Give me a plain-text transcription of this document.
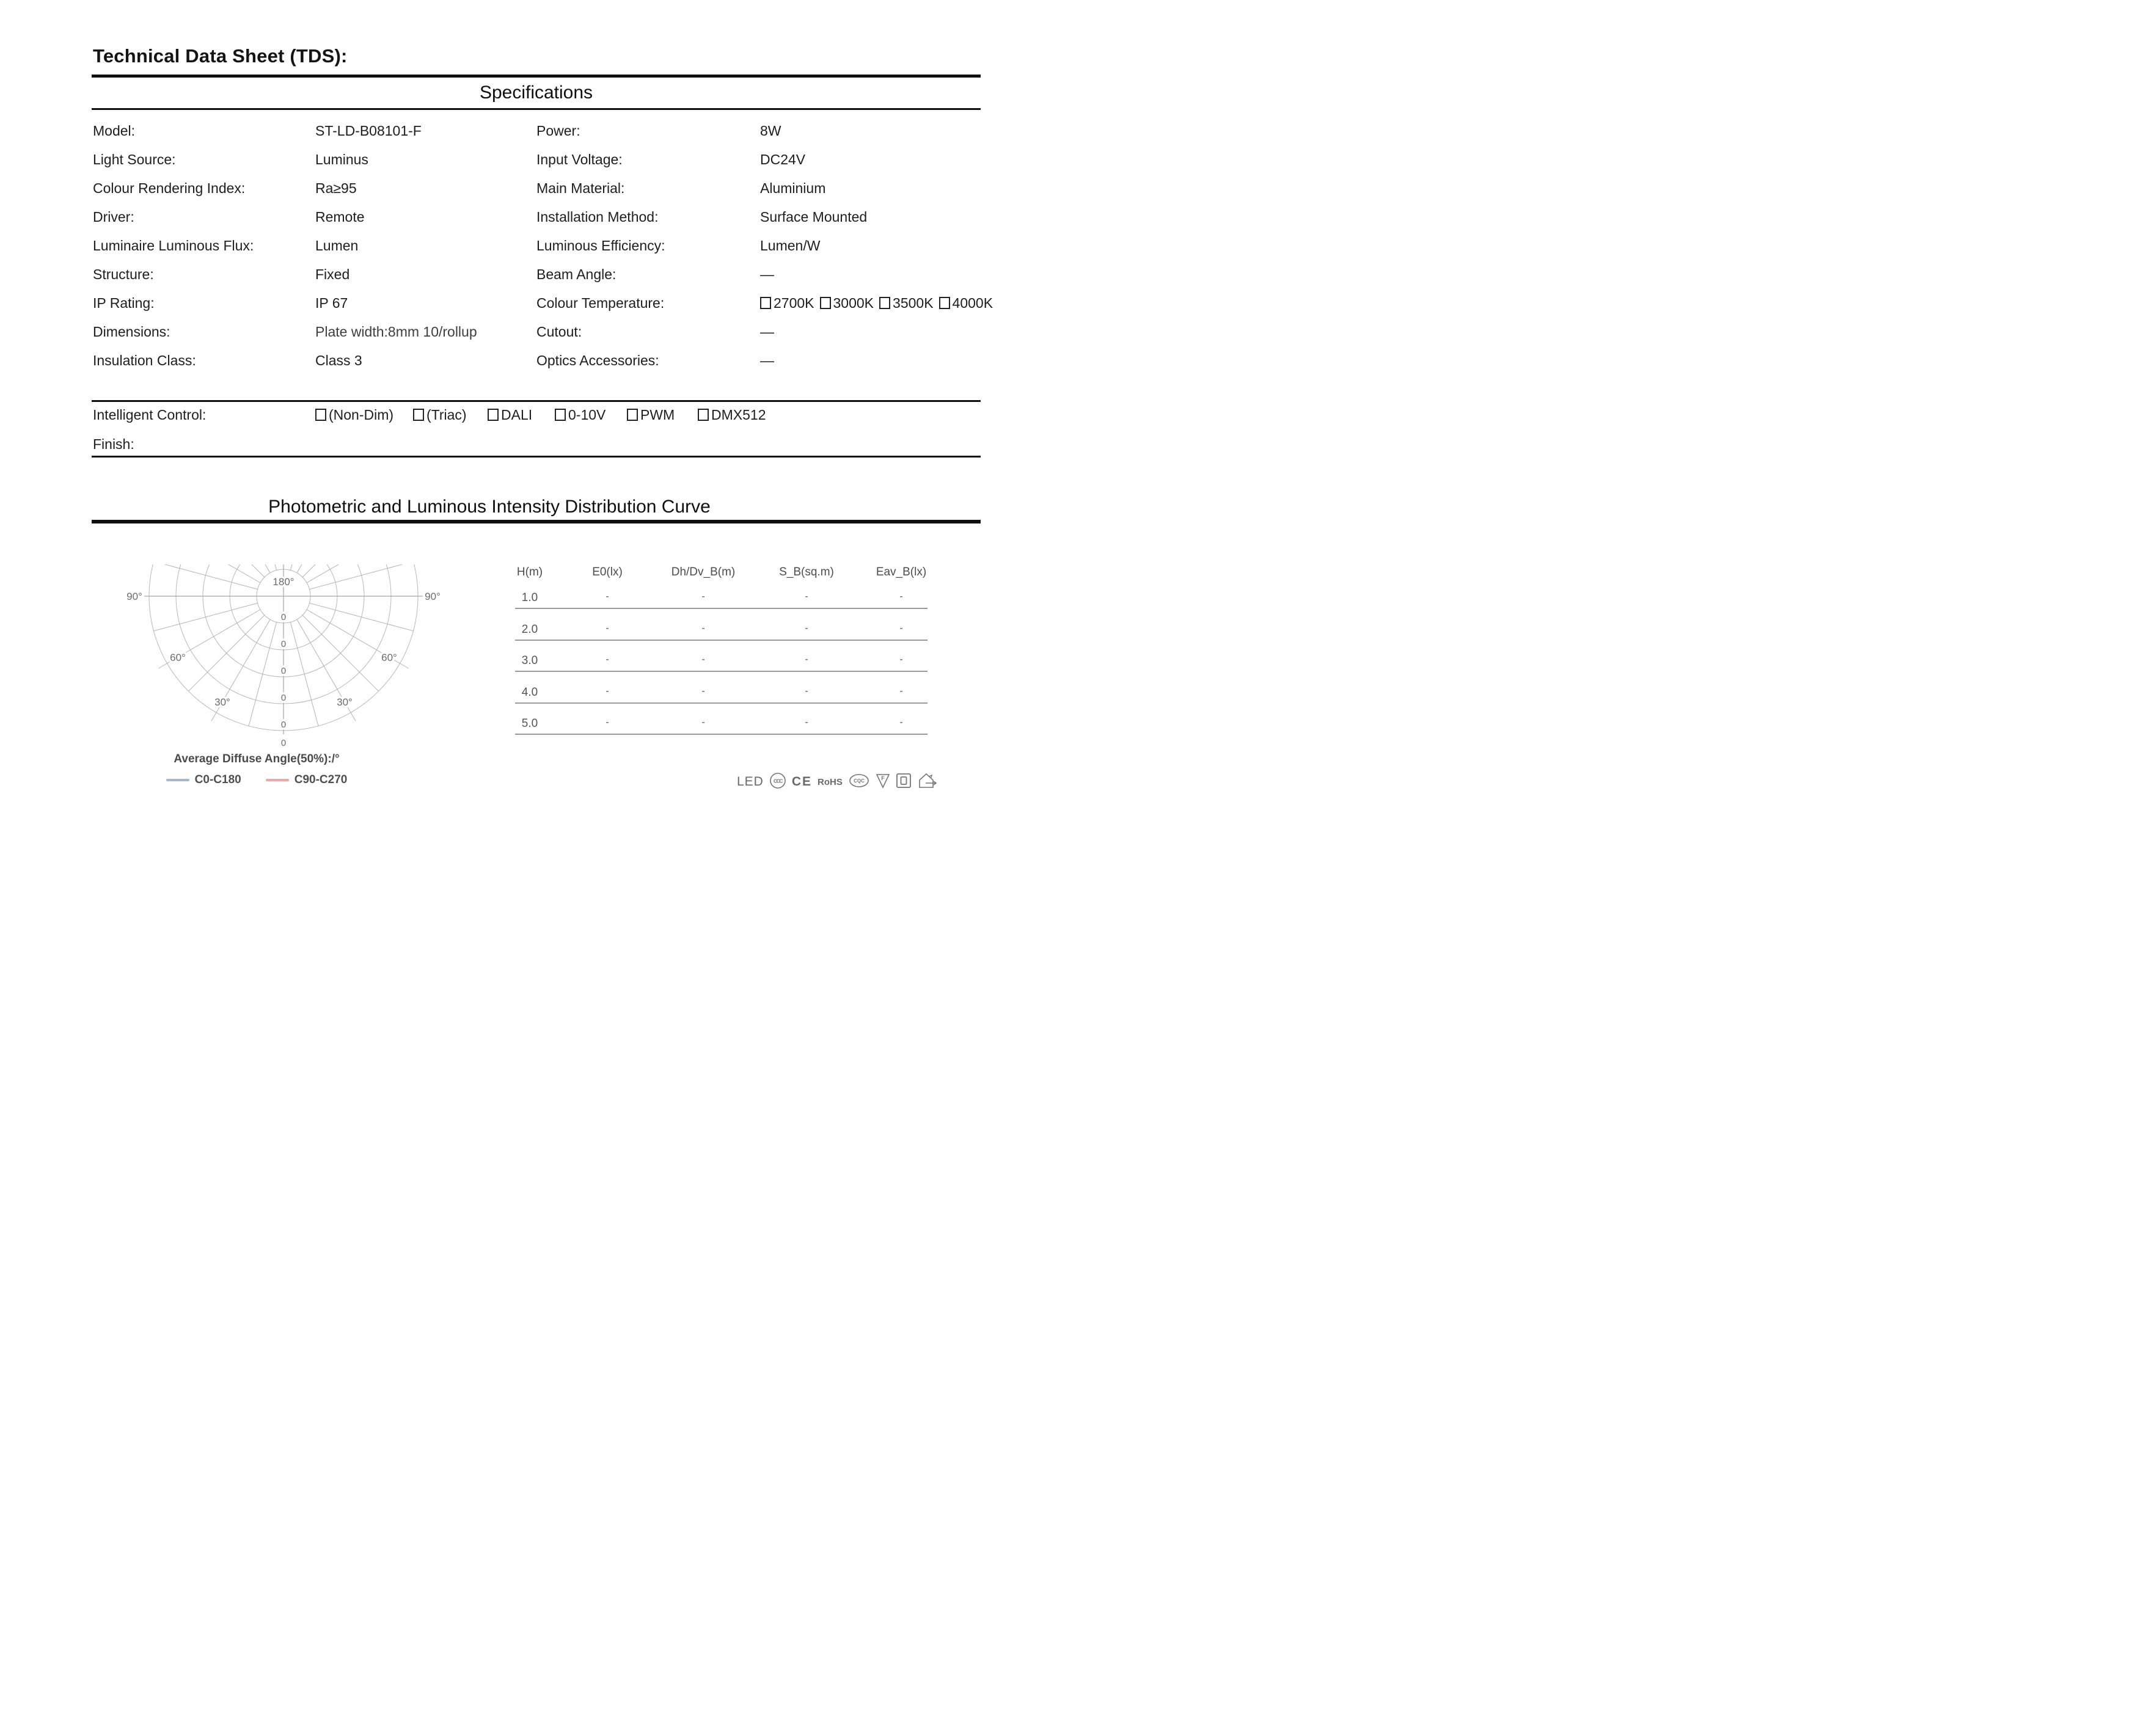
Technical Data Sheet (TDS):
Specifications
Model:	ST-LD-B08101-F	Power:	8W
Light Source:	Luminus	Input Voltage:	DC24V
Colour Rendering Index:	Ra≥95	Main Material:	Aluminium
Driver:	Remote	Installation Method:	Surface Mounted
Luminaire Luminous Flux:	Lumen	Luminous Efficiency:	Lumen/W
Structure:	Fixed	Beam Angle:	—
IP Rating:	IP 67	Colour Temperature:	2700K 3000K 3500K 4000K
Dimensions:	Plate width:8mm 10/rollup	Cutout:	—
Insulation Class:	Class 3	Optics Accessories:	—
Intelligent Control:	(Non-Dim)	(Triac)	DALI	0-10V	PWM	DMX512
Finish:
Photometric and Luminous Intensity Distribution Curve
180°
90°	90°
60°	60°
30°	30°
0
0
0
0
0
0
Average Diffuse Angle(50%):/°
C0-C180	C90-C270
H(m)	E0(lx)	Dh/Dv_B(m)	S_B(sq.m)	Eav_B(lx)
1.0	-	-	-	-
2.0	-	-	-	-
3.0	-	-	-	-
4.0	-	-	-	-
5.0	-	-	-	-
LED CCC CE RoHS CQC	F
